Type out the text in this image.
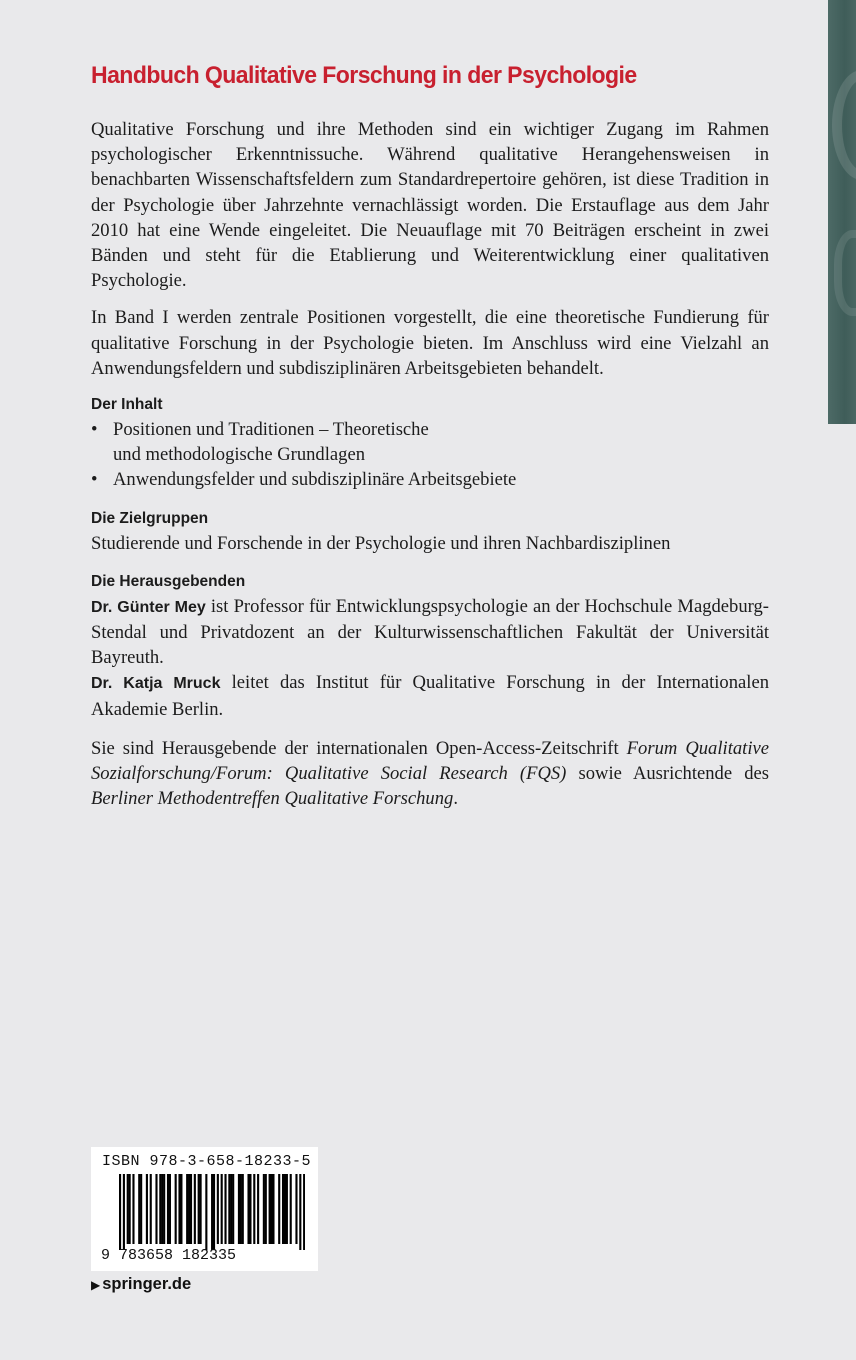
Handbuch Qualitative Forschung in der Psychologie

Qualitative Forschung und ihre Methoden sind ein wichtiger Zugang im Rahmen psychologischer Erkenntnissuche. Während qualitative Herangehensweisen in benachbarten Wissenschaftsfeldern zum Standardrepertoire gehören, ist diese Tradition in der Psychologie über Jahrzehnte vernachlässigt worden. Die Erstauflage aus dem Jahr 2010 hat eine Wende eingeleitet. Die Neuauflage mit 70 Beiträgen erscheint in zwei Bänden und steht für die Etablierung und Weiterentwicklung einer qualitativen Psychologie.

In Band I werden zentrale Positionen vorgestellt, die eine theoretische Fundierung für qualitative Forschung in der Psychologie bieten. Im Anschluss wird eine Vielzahl an Anwendungsfeldern und subdisziplinären Arbeitsgebieten behandelt.

Der Inhalt
• Positionen und Traditionen – Theoretische
und methodologische Grundlagen
• Anwendungsfelder und subdisziplinäre Arbeitsgebiete
Die Zielgruppen
Studierende und Forschende in der Psychologie und ihren Nachbardisziplinen
Die Herausgebenden
Dr. Günter Mey ist Professor für Entwicklungspsychologie an der Hochschule Magdeburg-Stendal und Privatdozent an der Kulturwissenschaftlichen Fakultät der Universität Bayreuth.
Dr. Katja Mruck leitet das Institut für Qualitative Forschung in der Internationalen Akademie Berlin.

Sie sind Herausgebende der internationalen Open-Access-Zeitschrift Forum Qualitative Sozialforschung/Forum: Qualitative Social Research (FQS) sowie Ausrichtende des Berliner Methodentreffen Qualitative Forschung.

ISBN 978-3-658-18233-5
9 783658 182335
▶ springer.de
